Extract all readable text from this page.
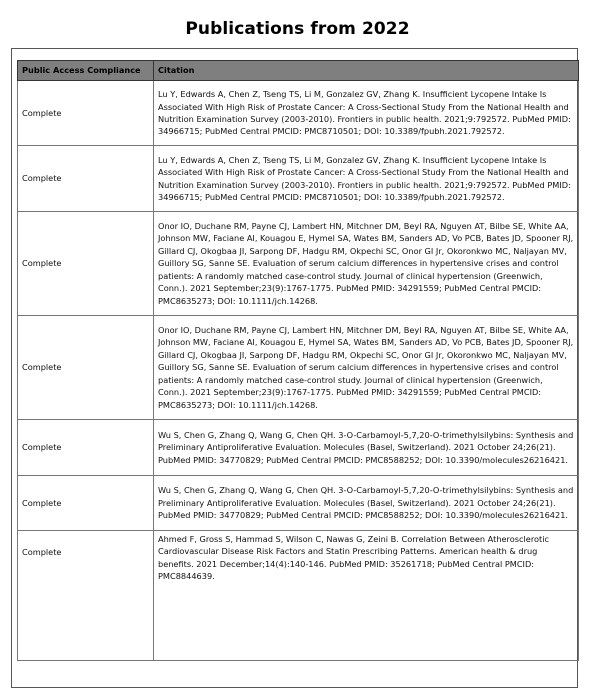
Publications from 2022
Public Access Compliance	Citation
Complete	Lu Y, Edwards A, Chen Z, Tseng TS, Li M, Gonzalez GV, Zhang K. Insufficient Lycopene Intake Is Associated With High Risk of Prostate Cancer: A Cross-Sectional Study From the National Health and Nutrition Examination Survey (2003-2010). Frontiers in public health. 2021;9:792572. PubMed PMID: 34966715; PubMed Central PMCID: PMC8710501; DOI: 10.3389/fpubh.2021.792572.
Complete	Lu Y, Edwards A, Chen Z, Tseng TS, Li M, Gonzalez GV, Zhang K. Insufficient Lycopene Intake Is Associated With High Risk of Prostate Cancer: A Cross-Sectional Study From the National Health and Nutrition Examination Survey (2003-2010). Frontiers in public health. 2021;9:792572. PubMed PMID: 34966715; PubMed Central PMCID: PMC8710501; DOI: 10.3389/fpubh.2021.792572.
Complete	Onor IO, Duchane RM, Payne CJ, Lambert HN, Mitchner DM, Beyl RA, Nguyen AT, Bilbe SE, White AA, Johnson MW, Faciane AI, Kouagou E, Hymel SA, Wates BM, Sanders AD, Vo PCB, Bates JD, Spooner RJ, Gillard CJ, Okogbaa JI, Sarpong DF, Hadgu RM, Okpechi SC, Onor GI Jr, Okoronkwo MC, Naljayan MV, Guillory SG, Sanne SE. Evaluation of serum calcium differences in hypertensive crises and control patients: A randomly matched case-control study. Journal of clinical hypertension (Greenwich, Conn.). 2021 September;23(9):1767-1775. PubMed PMID: 34291559; PubMed Central PMCID: PMC8635273; DOI: 10.1111/jch.14268.
Complete	Onor IO, Duchane RM, Payne CJ, Lambert HN, Mitchner DM, Beyl RA, Nguyen AT, Bilbe SE, White AA, Johnson MW, Faciane AI, Kouagou E, Hymel SA, Wates BM, Sanders AD, Vo PCB, Bates JD, Spooner RJ, Gillard CJ, Okogbaa JI, Sarpong DF, Hadgu RM, Okpechi SC, Onor GI Jr, Okoronkwo MC, Naljayan MV, Guillory SG, Sanne SE. Evaluation of serum calcium differences in hypertensive crises and control patients: A randomly matched case-control study. Journal of clinical hypertension (Greenwich, Conn.). 2021 September;23(9):1767-1775. PubMed PMID: 34291559; PubMed Central PMCID: PMC8635273; DOI: 10.1111/jch.14268.
Complete	Wu S, Chen G, Zhang Q, Wang G, Chen QH. 3-O-Carbamoyl-5,7,20-O-trimethylsilybins: Synthesis and Preliminary Antiproliferative Evaluation. Molecules (Basel, Switzerland). 2021 October 24;26(21). PubMed PMID: 34770829; PubMed Central PMCID: PMC8588252; DOI: 10.3390/molecules26216421.
Complete	Wu S, Chen G, Zhang Q, Wang G, Chen QH. 3-O-Carbamoyl-5,7,20-O-trimethylsilybins: Synthesis and Preliminary Antiproliferative Evaluation. Molecules (Basel, Switzerland). 2021 October 24;26(21). PubMed PMID: 34770829; PubMed Central PMCID: PMC8588252; DOI: 10.3390/molecules26216421.
Complete	Ahmed F, Gross S, Hammad S, Wilson C, Nawas G, Zeini B. Correlation Between Atherosclerotic Cardiovascular Disease Risk Factors and Statin Prescribing Patterns. American health & drug benefits. 2021 December;14(4):140-146. PubMed PMID: 35261718; PubMed Central PMCID: PMC8844639.
